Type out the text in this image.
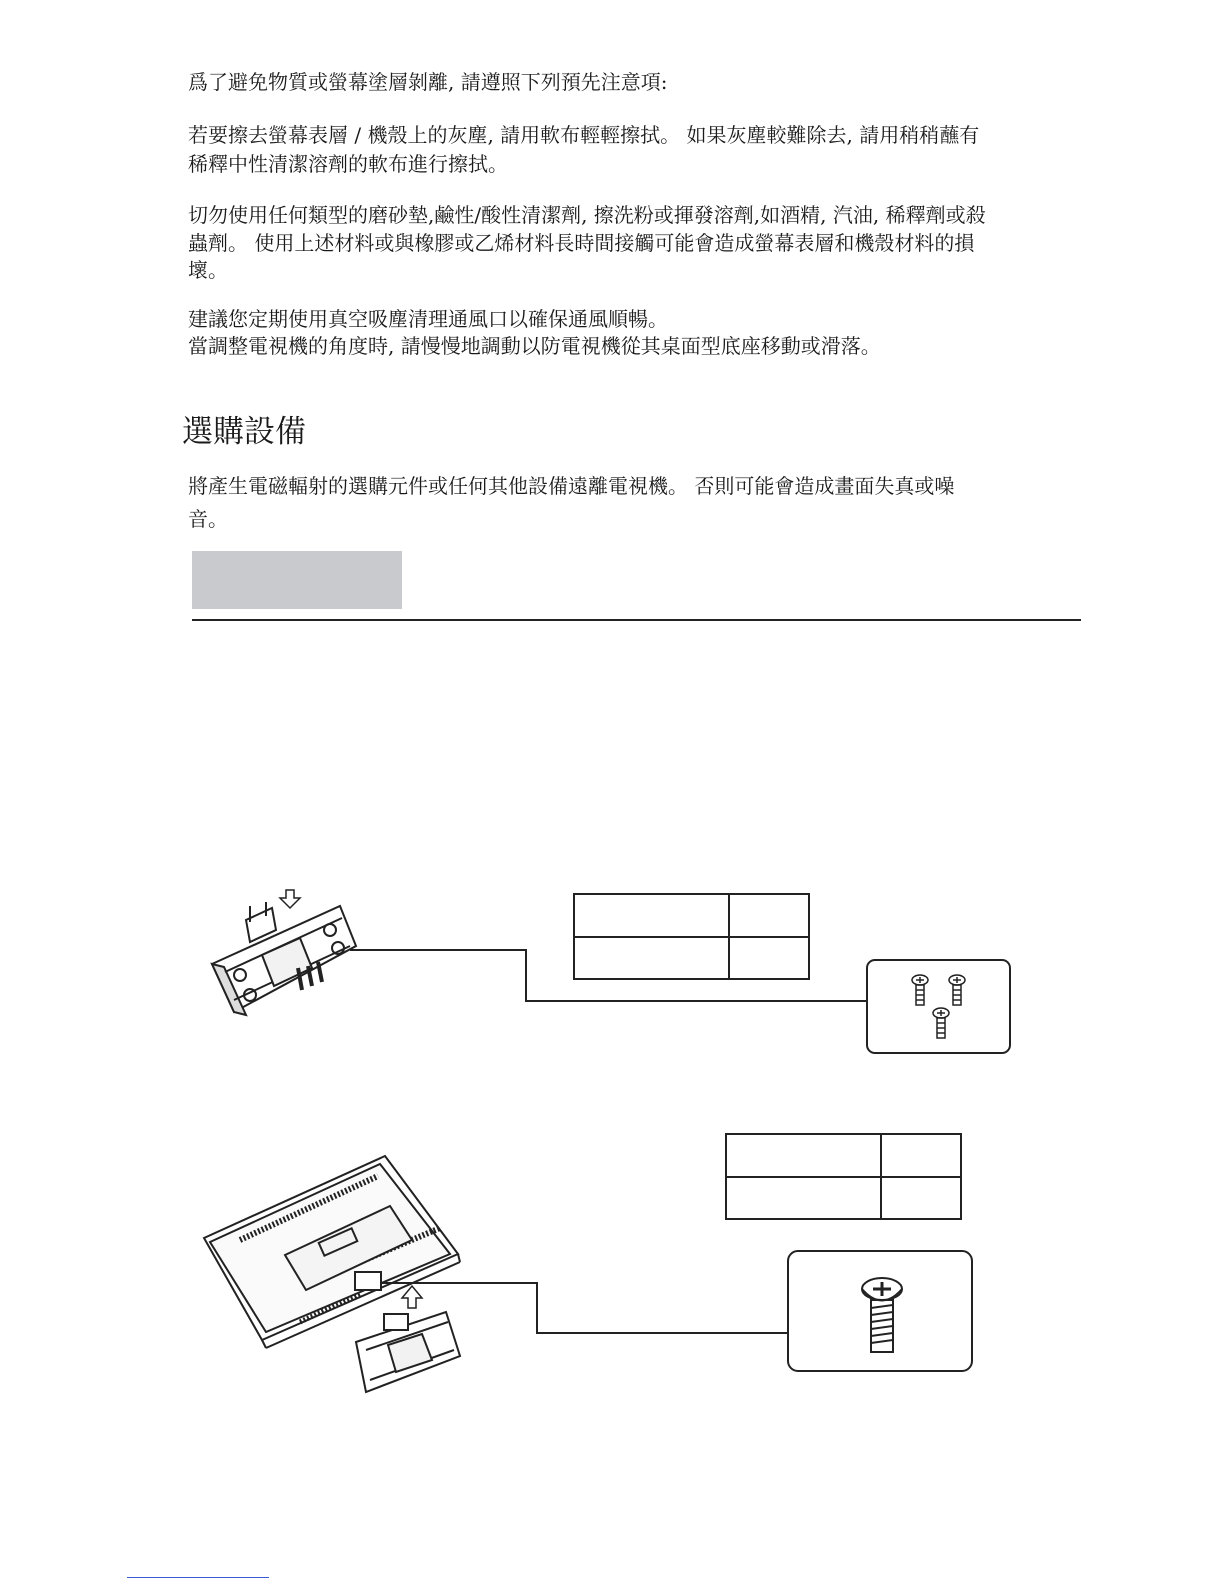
爲了避免物質或螢幕塗層剝離, 請遵照下列預先注意項:

若要擦去螢幕表層 / 機殼上的灰塵, 請用軟布輕輕擦拭。 如果灰塵較難除去, 請用稍稍蘸有

稀釋中性清潔溶劑的軟布進行擦拭。

切勿使用任何類型的磨砂墊,鹼性/酸性清潔劑, 擦洗粉或揮發溶劑,如酒精, 汽油, 稀釋劑或殺

蟲劑。 使用上述材料或與橡膠或乙烯材料長時間接觸可能會造成螢幕表層和機殼材料的損

壞。

建議您定期使用真空吸塵清理通風口以確保通風順暢。

當調整電視機的角度時, 請慢慢地調動以防電視機從其桌面型底座移動或滑落。

選購設備

將產生電磁輻射的選購元件或任何其他設備遠離電視機。 否則可能會造成畫面失真或噪

音。
